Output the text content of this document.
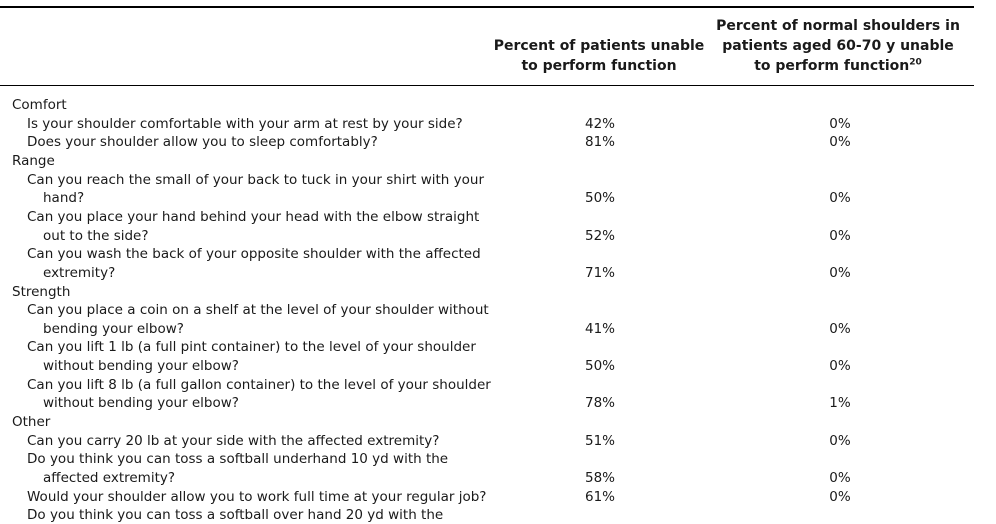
Percent of patients unable to perform function
Percent of normal shoulders in patients aged 60-70 y unable to perform function$^{20}$
Comfort
Is your shoulder comfortable with your arm at rest by your side?	42%	0%
Does your shoulder allow you to sleep comfortably?	81%	0%
Range
Can you reach the small of your back to tuck in your shirt with your
hand?	50%	0%
Can you place your hand behind your head with the elbow straight
out to the side?	52%	0%
Can you wash the back of your opposite shoulder with the affected
extremity?	71%	0%
Strength
Can you place a coin on a shelf at the level of your shoulder without
bending your elbow?	41%	0%
Can you lift 1 lb (a full pint container) to the level of your shoulder
without bending your elbow?	50%	0%
Can you lift 8 lb (a full gallon container) to the level of your shoulder
without bending your elbow?	78%	1%
Other
Can you carry 20 lb at your side with the affected extremity?	51%	0%
Do you think you can toss a softball underhand 10 yd with the
affected extremity?	58%	0%
Would your shoulder allow you to work full time at your regular job?	61%	0%
Do you think you can toss a softball over hand 20 yd with the
